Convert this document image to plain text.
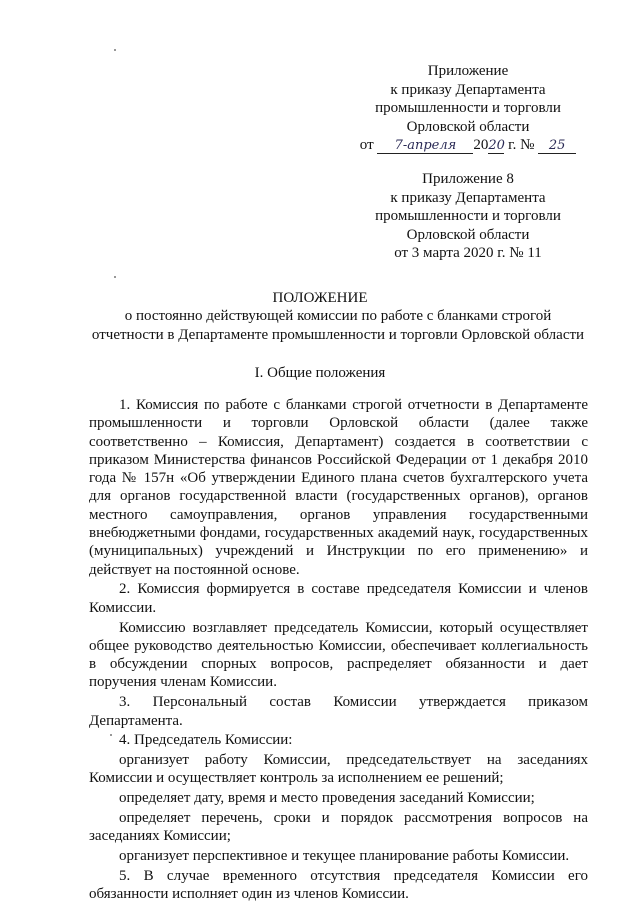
Приложение
к приказу Департамента
промышленности и торговли
Орловской области
от 7-апреля 2020 г. № 25
Приложение 8
к приказу Департамента
промышленности и торговли
Орловской области
от 3 марта 2020 г. № 11
ПОЛОЖЕНИЕ
о постоянно действующей комиссии по работе с бланками строгой отчетности в Департаменте промышленности и торговли Орловской области
I. Общие положения

1. Комиссия по работе с бланками строгой отчетности в Департаменте промышленности и торговли Орловской области (далее также соответственно – Комиссия, Департамент) создается в соответствии с приказом Министерства финансов Российской Федерации от 1 декабря 2010 года № 157н «Об утверждении Единого плана счетов бухгалтерского учета для органов государственной власти (государственных органов), органов местного самоуправления, органов управления государственными внебюджетными фондами, государственных академий наук, государственных (муниципальных) учреждений и Инструкции по его применению» и действует на постоянной основе.

2. Комиссия формируется в составе председателя Комиссии и членов Комиссии.

Комиссию возглавляет председатель Комиссии, который осуществляет общее руководство деятельностью Комиссии, обеспечивает коллегиальность в обсуждении спорных вопросов, распределяет обязанности и дает поручения членам Комиссии.

3. Персональный состав Комиссии утверждается приказом Департамента.

4. Председатель Комиссии:

организует работу Комиссии, председательствует на заседаниях Комиссии и осуществляет контроль за исполнением ее решений;

определяет дату, время и место проведения заседаний Комиссии;

определяет перечень, сроки и порядок рассмотрения вопросов на заседаниях Комиссии;

организует перспективное и текущее планирование работы Комиссии.

5. В случае временного отсутствия председателя Комиссии его обязанности исполняет один из членов Комиссии.
